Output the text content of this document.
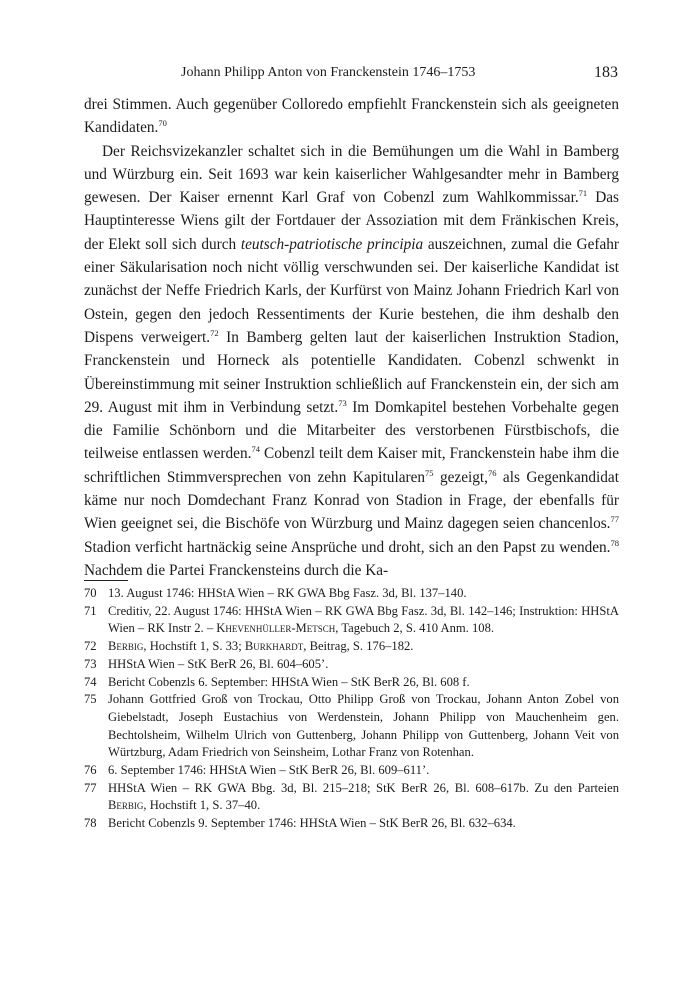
Johann Philipp Anton von Franckenstein 1746–1753	183

drei Stimmen. Auch gegenüber Colloredo empfiehlt Franckenstein sich als geeigneten Kandidaten.$^{70}$

Der Reichsvizekanzler schaltet sich in die Bemühungen um die Wahl in Bamberg und Würzburg ein. Seit 1693 war kein kaiserlicher Wahlgesandter mehr in Bamberg gewesen. Der Kaiser ernennt Karl Graf von Cobenzl zum Wahlkommissar.$^{71}$ Das Hauptinteresse Wiens gilt der Fortdauer der Assoziation mit dem Fränkischen Kreis, der Elekt soll sich durch teutsch-patriotische principia auszeichnen, zumal die Gefahr einer Säkularisation noch nicht völlig verschwunden sei. Der kaiserliche Kandidat ist zunächst der Neffe Friedrich Karls, der Kurfürst von Mainz Johann Friedrich Karl von Ostein, gegen den jedoch Ressentiments der Kurie bestehen, die ihm deshalb den Dispens verweigert.$^{72}$ In Bamberg gelten laut der kaiserlichen Instruktion Stadion, Franckenstein und Horneck als potentielle Kandidaten. Cobenzl schwenkt in Übereinstimmung mit seiner Instruktion schließlich auf Franckenstein ein, der sich am 29. August mit ihm in Verbindung setzt.$^{73}$ Im Domkapitel bestehen Vorbehalte gegen die Familie Schönborn und die Mitarbeiter des verstorbenen Fürstbischofs, die teilweise entlassen werden.$^{74}$ Cobenzl teilt dem Kaiser mit, Franckenstein habe ihm die schriftlichen Stimmversprechen von zehn Kapitularen$^{75}$ gezeigt,$^{76}$ als Gegenkandidat käme nur noch Domdechant Franz Konrad von Stadion in Frage, der ebenfalls für Wien geeignet sei, die Bischöfe von Würzburg und Mainz dagegen seien chancenlos.$^{77}$ Stadion verficht hartnäckig seine Ansprüche und droht, sich an den Papst zu wenden.$^{78}$ Nachdem die Partei Franckensteins durch die Ka-

70 13. August 1746: HHStA Wien – RK GWA Bbg Fasz. 3d, Bl. 137–140.
71 Creditiv, 22. August 1746: HHStA Wien – RK GWA Bbg Fasz. 3d, Bl. 142–146; Instruktion: HHStA Wien – RK Instr 2. – Khevenhüller-Metsch, Tagebuch 2, S. 410 Anm. 108.
72 Berbig, Hochstift 1, S. 33; Burkhardt, Beitrag, S. 176–182.
73 HHStA Wien – StK BerR 26, Bl. 604–605’.
74 Bericht Cobenzls 6. September: HHStA Wien – StK BerR 26, Bl. 608 f.
75 Johann Gottfried Groß von Trockau, Otto Philipp Groß von Trockau, Johann Anton Zobel von Giebelstadt, Joseph Eustachius von Werdenstein, Johann Philipp von Mauchenheim gen. Bechtolsheim, Wilhelm Ulrich von Guttenberg, Johann Philipp von Guttenberg, Johann Veit von Würtzburg, Adam Friedrich von Seinsheim, Lothar Franz von Rotenhan.
76 6. September 1746: HHStA Wien – StK BerR 26, Bl. 609–611’.
77 HHStA Wien – RK GWA Bbg. 3d, Bl. 215–218; StK BerR 26, Bl. 608–617b. Zu den Parteien Berbig, Hochstift 1, S. 37–40.
78 Bericht Cobenzls 9. September 1746: HHStA Wien – StK BerR 26, Bl. 632–634.
